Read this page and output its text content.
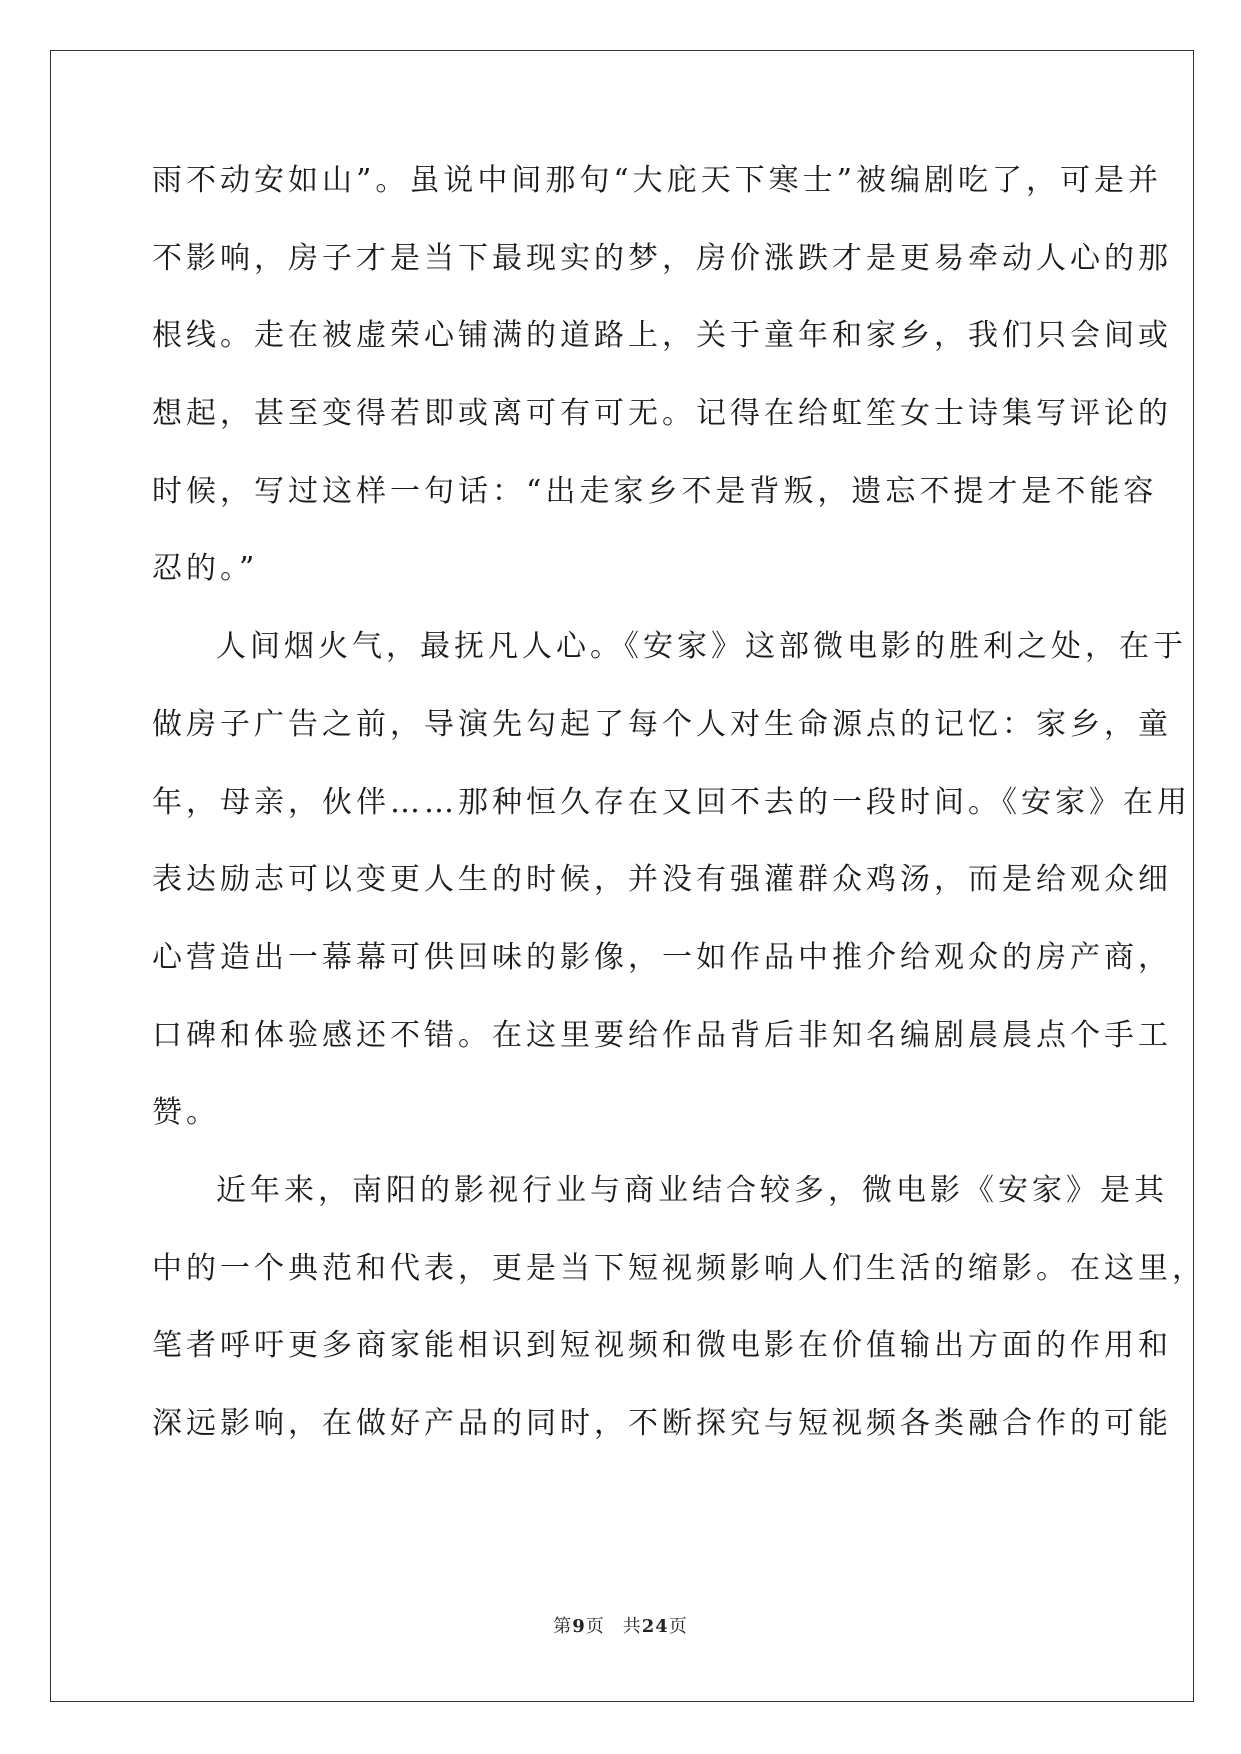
雨不动安如山”。虽说中间那句“大庇天下寒士”被编剧吃了，可是并
不影响，房子才是当下最现实的梦，房价涨跌才是更易牵动人心的那
根线。走在被虚荣心铺满的道路上，关于童年和家乡，我们只会间或
想起，甚至变得若即或离可有可无。记得在给虹笙女士诗集写评论的
时候，写过这样一句话：“出走家乡不是背叛，遗忘不提才是不能容
忍的。”
人间烟火气，最抚凡人心。《安家》这部微电影的胜利之处，在于
做房子广告之前，导演先勾起了每个人对生命源点的记忆：家乡，童
年，母亲，伙伴……那种恒久存在又回不去的一段时间。《安家》在用
表达励志可以变更人生的时候，并没有强灌群众鸡汤，而是给观众细
心营造出一幕幕可供回味的影像，一如作品中推介给观众的房产商，
口碑和体验感还不错。在这里要给作品背后非知名编剧晨晨点个手工
赞。
近年来，南阳的影视行业与商业结合较多，微电影《安家》是其
中的一个典范和代表，更是当下短视频影响人们生活的缩影。在这里，
笔者呼吁更多商家能相识到短视频和微电影在价值输出方面的作用和
深远影响，在做好产品的同时，不断探究与短视频各类融合作的可能
第9页 共24页
